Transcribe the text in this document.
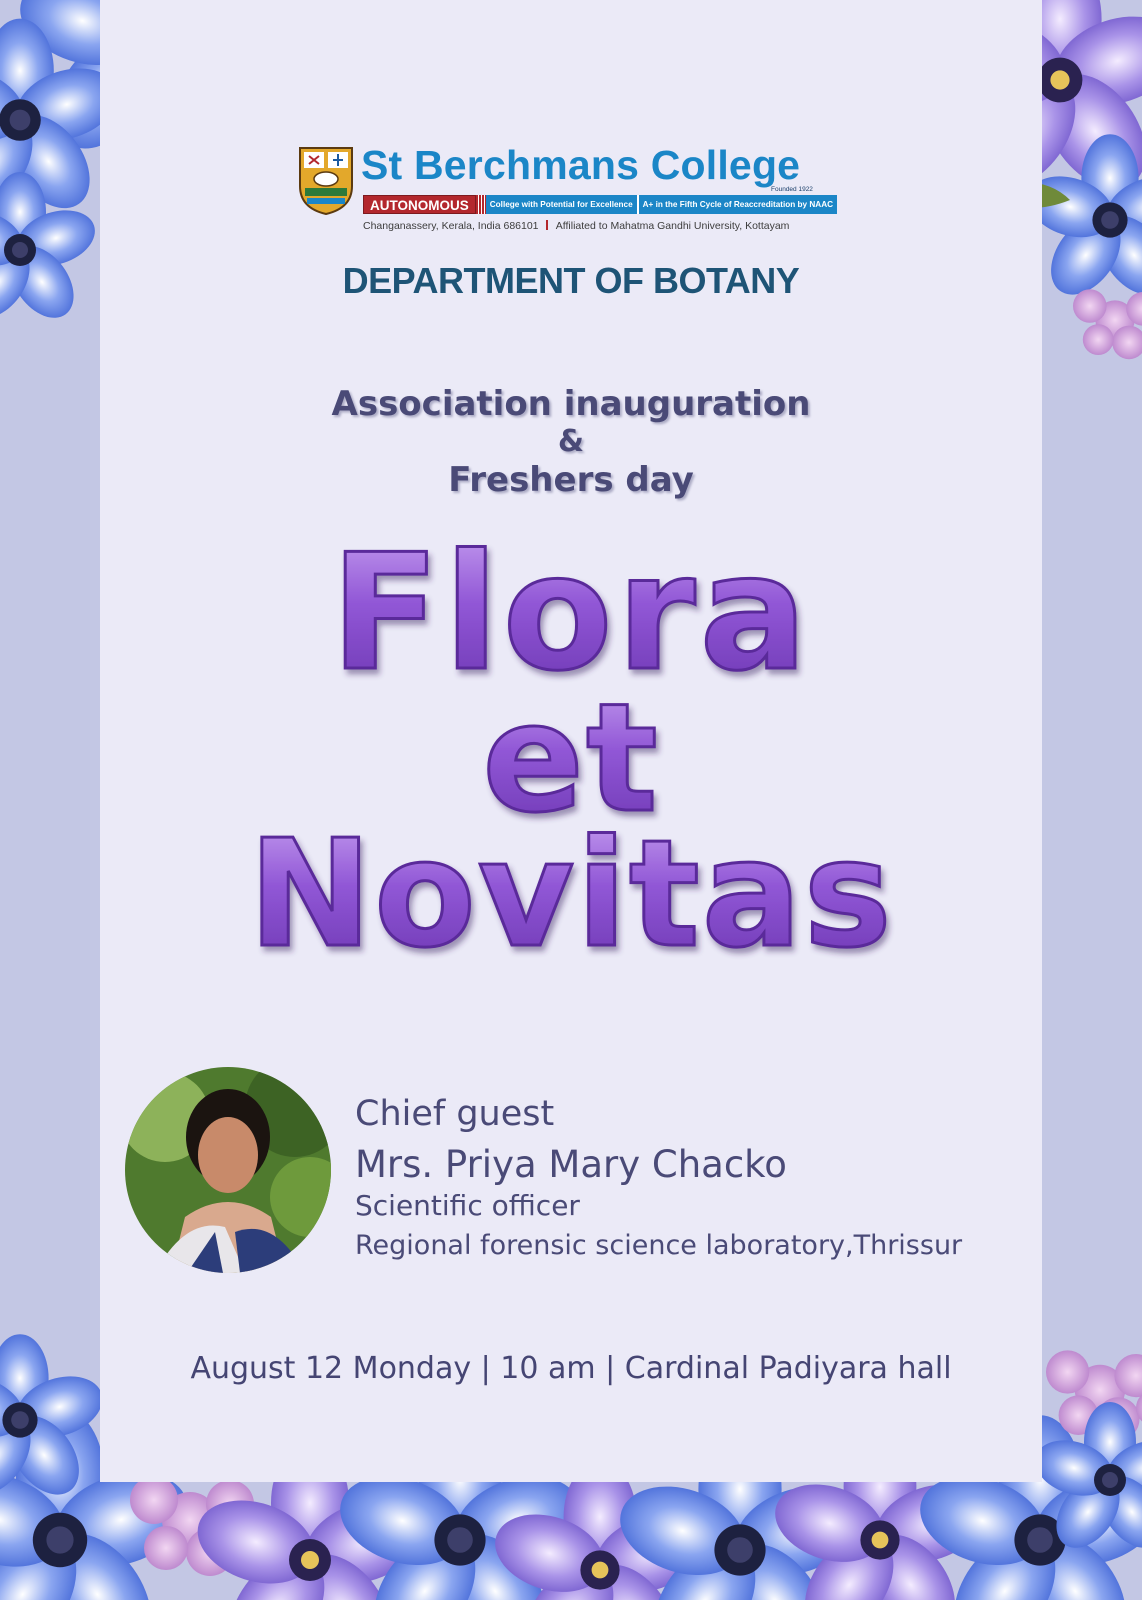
St Berchmans College
Founded 1922
AUTONOMOUS	College with Potential for Excellence	A+ in the Fifth Cycle of Reaccreditation by NAAC
Changanassery, Kerala, India 686101 Affiliated to Mahatma Gandhi University, Kottayam
DEPARTMENT OF BOTANY
Association inauguration
&
Freshers day
Flora
et
Novitas
Chief guest
Mrs. Priya Mary Chacko
Scientific officer
Regional forensic science laboratory,Thrissur
August 12 Monday | 10 am | Cardinal Padiyara hall
